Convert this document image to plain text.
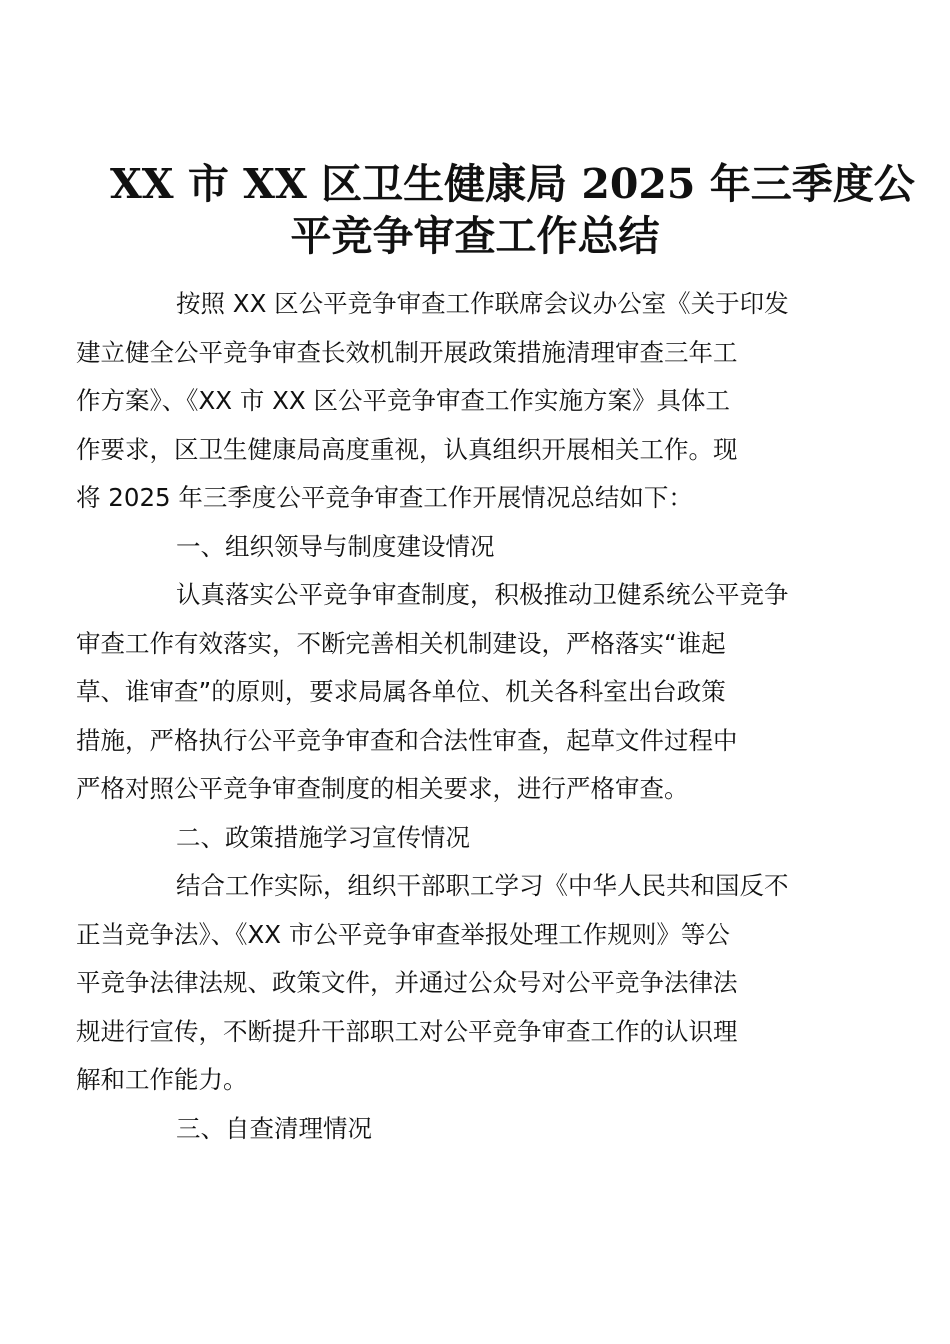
XX 市 XX 区卫生健康局 2025 年三季度公
平竞争审查工作总结

按照 XX 区公平竞争审查工作联席会议办公室《关于印发
建立健全公平竞争审查长效机制开展政策措施清理审查三年工
作方案》、《XX 市 XX 区公平竞争审查工作实施方案》具体工
作要求，区卫生健康局高度重视，认真组织开展相关工作。现
将 2025 年三季度公平竞争审查工作开展情况总结如下：

一、组织领导与制度建设情况

认真落实公平竞争审查制度，积极推动卫健系统公平竞争
审查工作有效落实，不断完善相关机制建设，严格落实“谁起
草、谁审查”的原则，要求局属各单位、机关各科室出台政策
措施，严格执行公平竞争审查和合法性审查，起草文件过程中
严格对照公平竞争审查制度的相关要求，进行严格审查。

二、政策措施学习宣传情况

结合工作实际，组织干部职工学习《中华人民共和国反不
正当竞争法》、《XX 市公平竞争审查举报处理工作规则》等公
平竞争法律法规、政策文件，并通过公众号对公平竞争法律法
规进行宣传，不断提升干部职工对公平竞争审查工作的认识理
解和工作能力。

三、自查清理情况
